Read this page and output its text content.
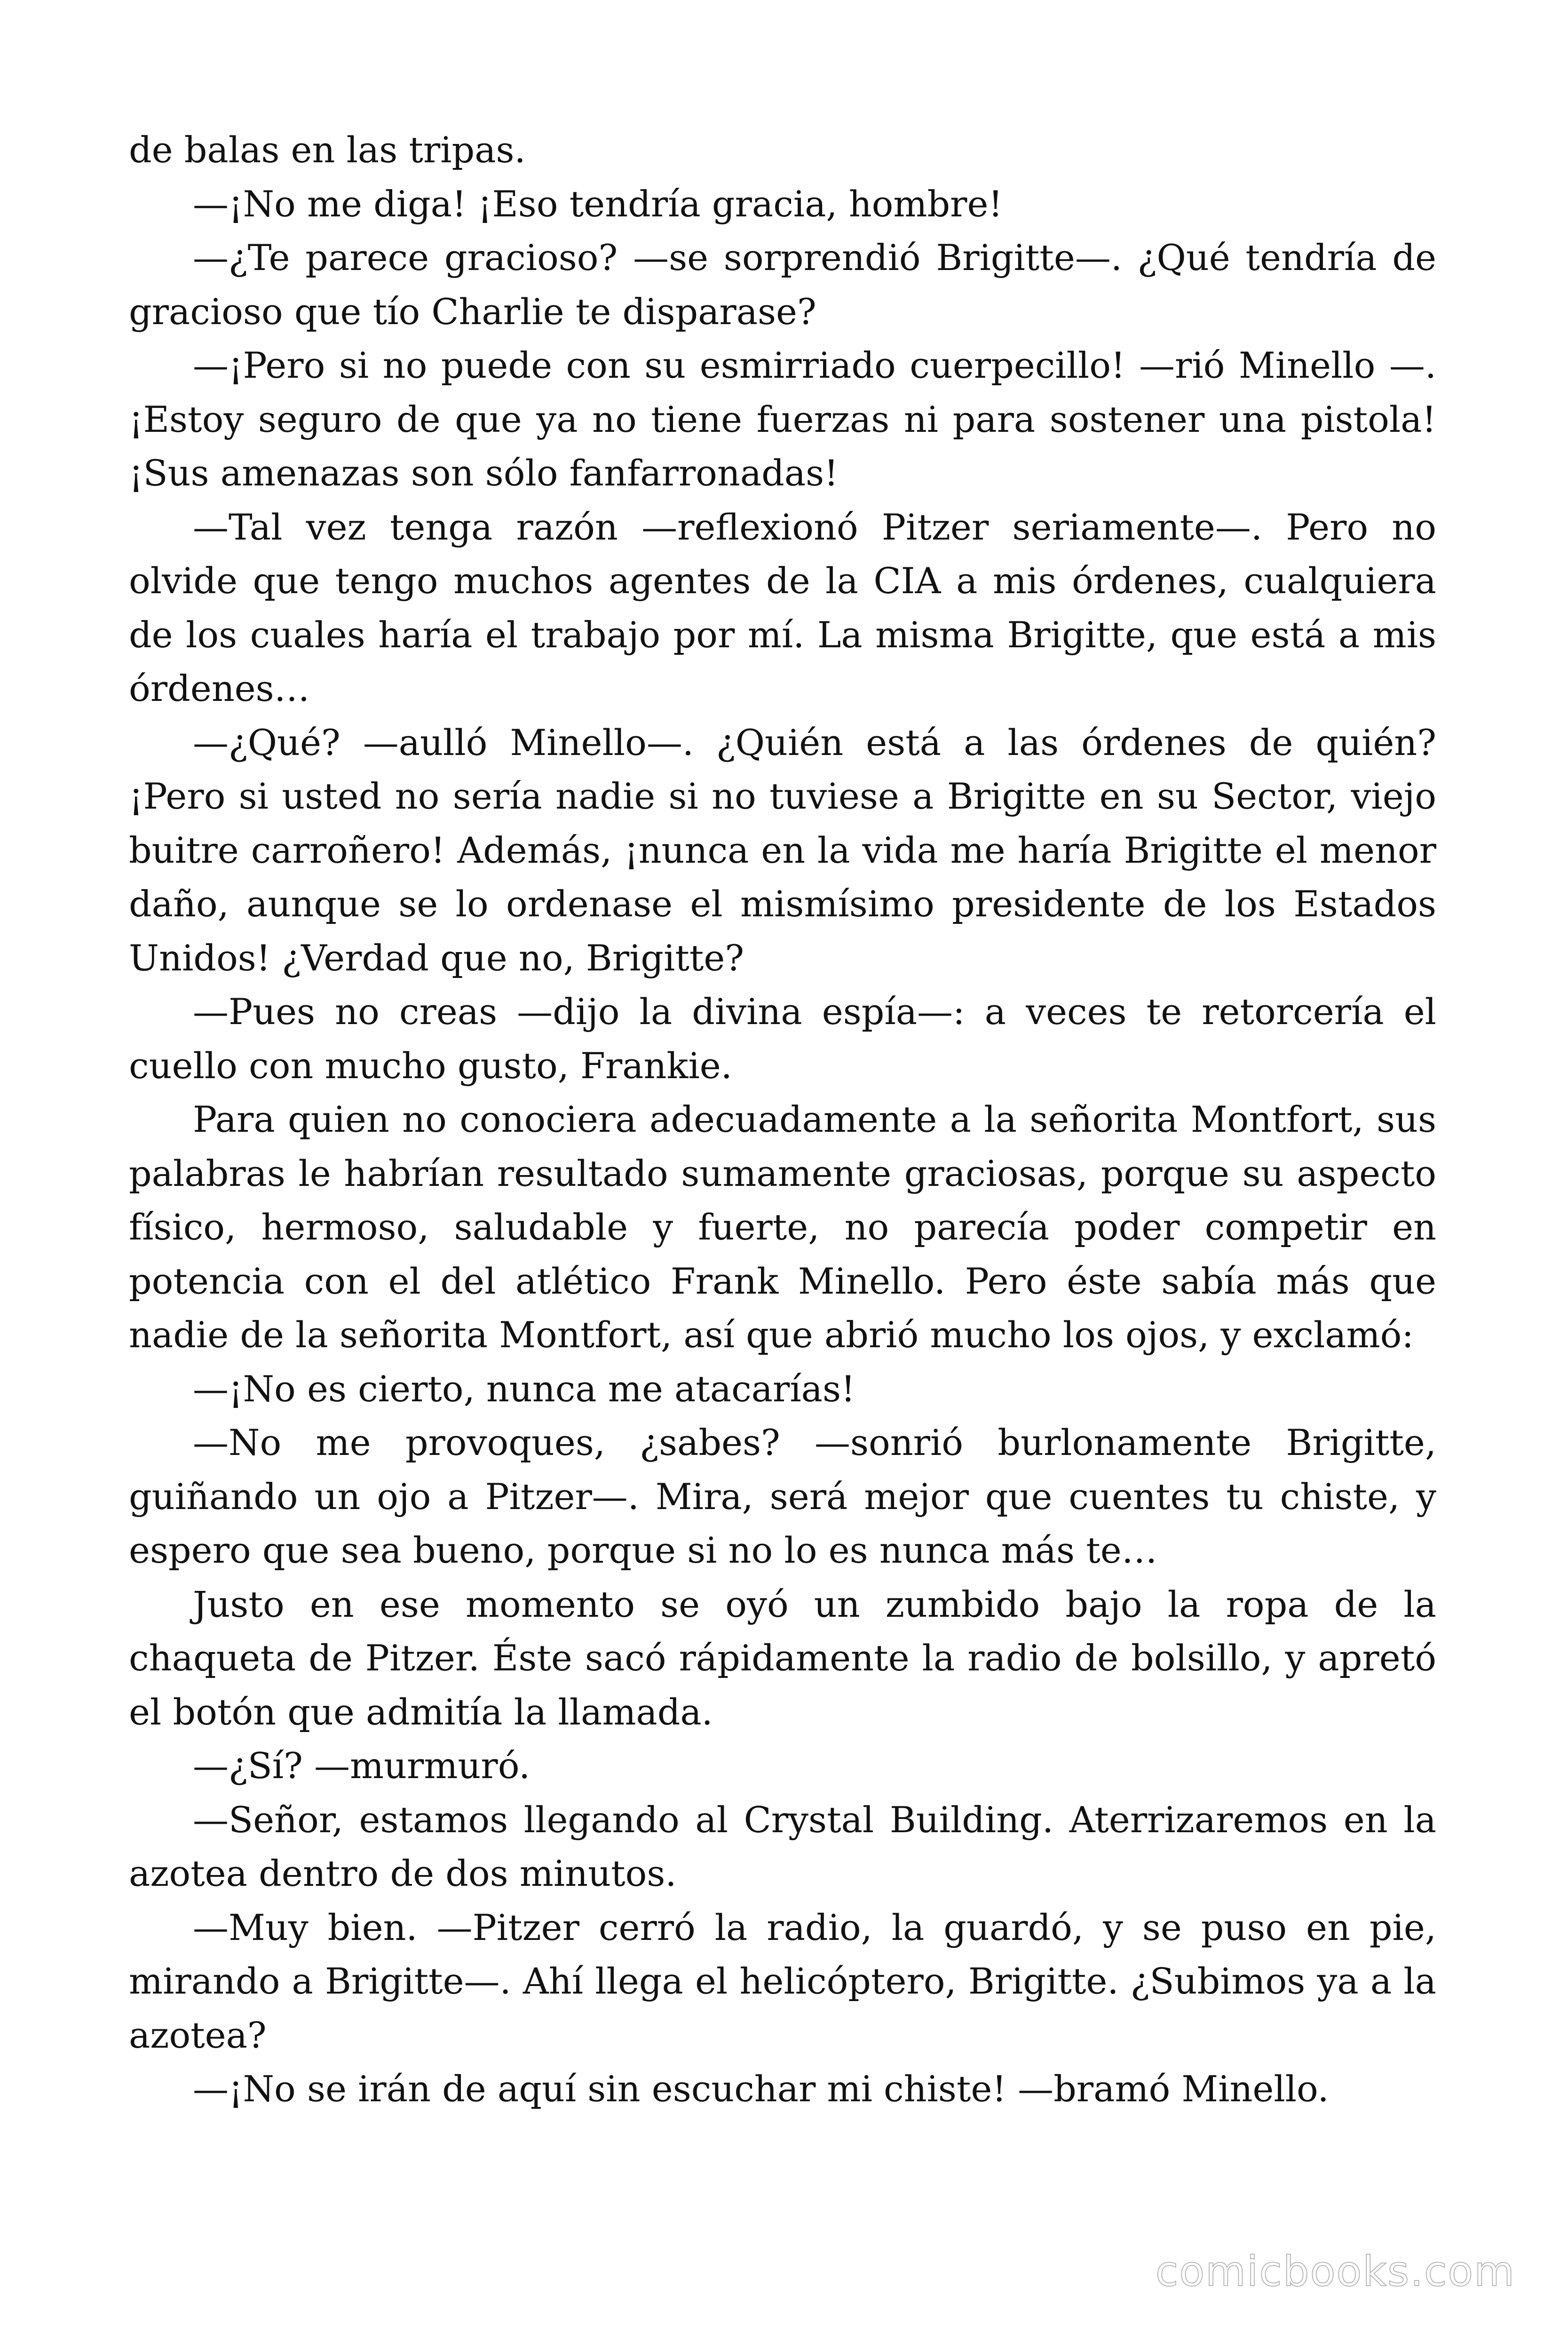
de balas en las tripas.

—¡No me diga! ¡Eso tendría gracia, hombre!

—¿Te parece gracioso? —se sorprendió Brigitte—. ¿Qué tendría de gracioso que tío Charlie te disparase?

—¡Pero si no puede con su esmirriado cuerpecillo! —rió Minello —. ¡Estoy seguro de que ya no tiene fuerzas ni para sostener una pistola! ¡Sus amenazas son sólo fanfarronadas!

—Tal vez tenga razón —reflexionó Pitzer seriamente—. Pero no olvide que tengo muchos agentes de la CIA a mis órdenes, cualquiera de los cuales haría el trabajo por mí. La misma Brigitte, que está a mis órdenes…

—¿Qué? —aulló Minello—. ¿Quién está a las órdenes de quién? ¡Pero si usted no sería nadie si no tuviese a Brigitte en su Sector, viejo buitre carroñero! Además, ¡nunca en la vida me haría Brigitte el menor daño, aunque se lo ordenase el mismísimo presidente de los Estados Unidos! ¿Verdad que no, Brigitte?

—Pues no creas —dijo la divina espía—: a veces te retorcería el cuello con mucho gusto, Frankie.

Para quien no conociera adecuadamente a la señorita Montfort, sus palabras le habrían resultado sumamente graciosas, porque su aspecto físico, hermoso, saludable y fuerte, no parecía poder competir en potencia con el del atlético Frank Minello. Pero éste sabía más que nadie de la señorita Montfort, así que abrió mucho los ojos, y exclamó:

—¡No es cierto, nunca me atacarías!

—No me provoques, ¿sabes? —sonrió burlonamente Brigitte, guiñando un ojo a Pitzer—. Mira, será mejor que cuentes tu chiste, y espero que sea bueno, porque si no lo es nunca más te…

Justo en ese momento se oyó un zumbido bajo la ropa de la chaqueta de Pitzer. Éste sacó rápidamente la radio de bolsillo, y apretó el botón que admitía la llamada.

—¿Sí? —murmuró.

—Señor, estamos llegando al Crystal Building. Aterrizaremos en la azotea dentro de dos minutos.

—Muy bien. —Pitzer cerró la radio, la guardó, y se puso en pie, mirando a Brigitte—. Ahí llega el helicóptero, Brigitte. ¿Subimos ya a la azotea?

—¡No se irán de aquí sin escuchar mi chiste! —bramó Minello.

comicbooks.com
